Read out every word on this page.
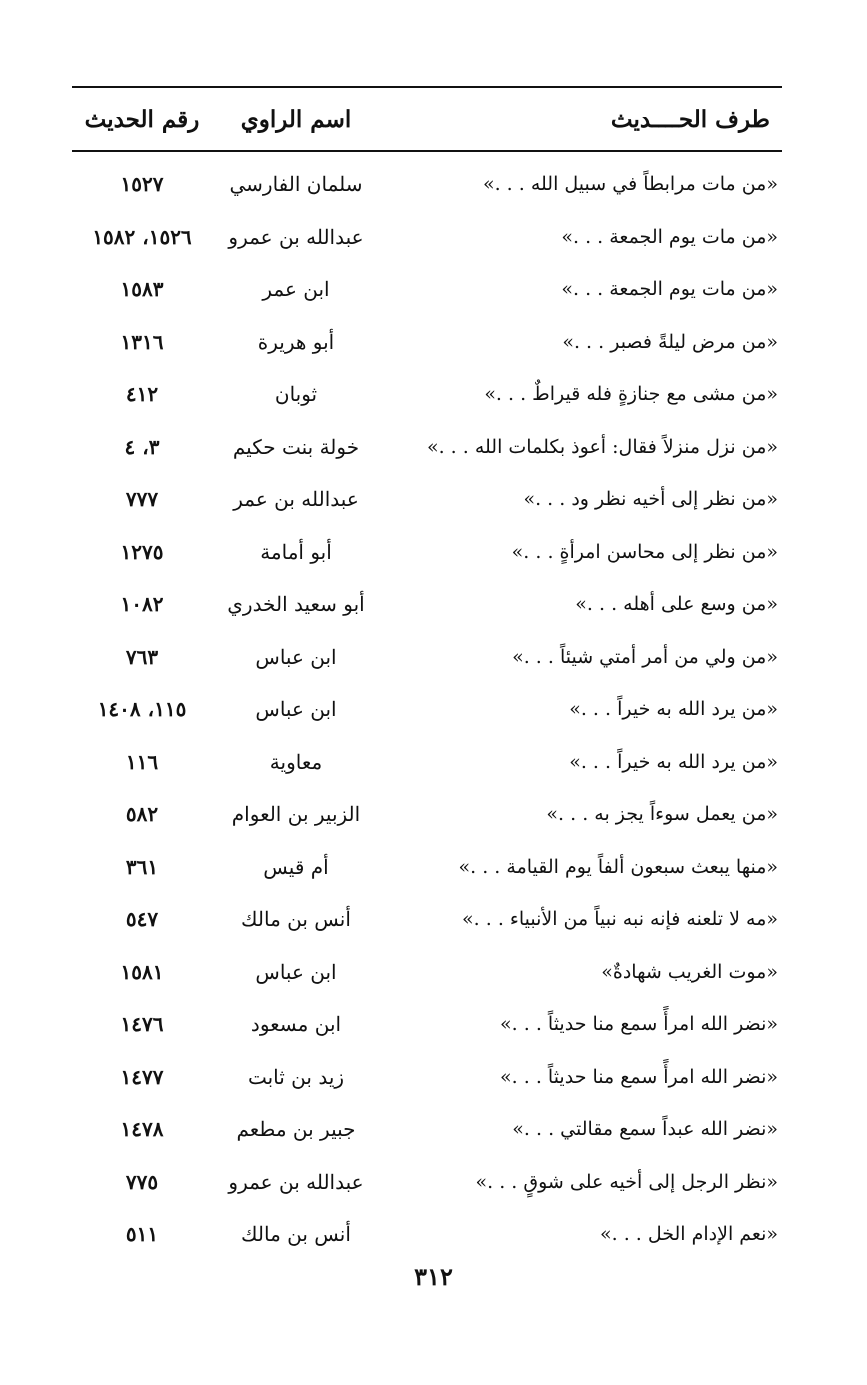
طرف الحــــديث
اسم الراوي
رقم الحديث
«من مات مرابطاً في سبيل الله . . .»
سلمان الفارسي
١٥٢٧
«من مات يوم الجمعة . . .»
عبدالله بن عمرو
١٥٢٦، ١٥٨٢
«من مات يوم الجمعة . . .»
ابن عمر
١٥٨٣
«من مرض ليلةً فصبر . . .»
أبو هريرة
١٣١٦
«من مشى مع جنازةٍ فله قيراطٌ . . .»
ثوبان
٤١٢
«من نزل منزلاً فقال: أعوذ بكلمات الله . . .»
خولة بنت حكيم
٣، ٤
«من نظر إلى أخيه نظر ود . . .»
عبدالله بن عمر
٧٧٧
«من نظر إلى محاسن امرأةٍ . . .»
أبو أمامة
١٢٧٥
«من وسع على أهله . . .»
أبو سعيد الخدري
١٠٨٢
«من ولي من أمر أمتي شيئاً . . .»
ابن عباس
٧٦٣
«من يرد الله به خيراً . . .»
ابن عباس
١١٥، ١٤٠٨
«من يرد الله به خيراً . . .»
معاوية
١١٦
«من يعمل سوءاً يجز به . . .»
الزبير بن العوام
٥٨٢
«منها يبعث سبعون ألفاً يوم القيامة . . .»
أم قيس
٣٦١
«مه لا تلعنه فإنه نبه نبياً من الأنبياء . . .»
أنس بن مالك
٥٤٧
«موت الغريب شهادةٌ»
ابن عباس
١٥٨١
«نضر الله امرأً سمع منا حديثاً . . .»
ابن مسعود
١٤٧٦
«نضر الله امرأً سمع منا حديثاً . . .»
زيد بن ثابت
١٤٧٧
«نضر الله عبداً سمع مقالتي . . .»
جبير بن مطعم
١٤٧٨
«نظر الرجل إلى أخيه على شوقٍ . . .»
عبدالله بن عمرو
٧٧٥
«نعم الإدام الخل . . .»
أنس بن مالك
٥١١
٣١٢
